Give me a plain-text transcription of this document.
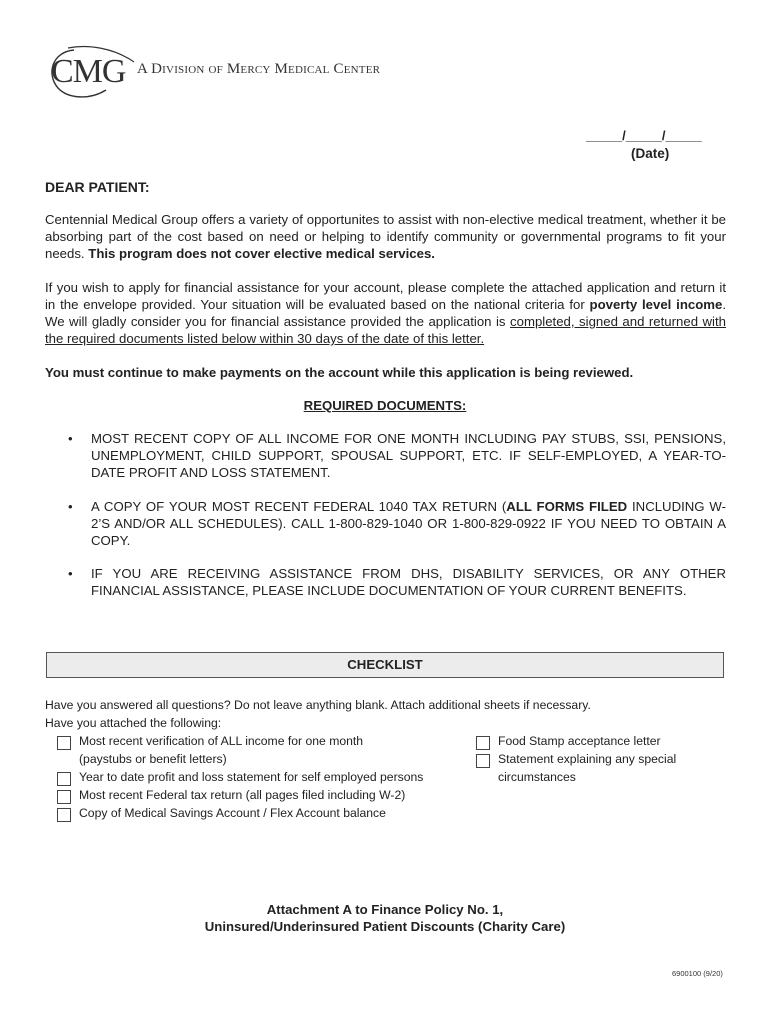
CMG A Division of Mercy Medical Center
_____/_____/_____
(Date)
DEAR PATIENT:
Centennial Medical Group offers a variety of opportunites to assist with non-elective medical treatment, whether it be absorbing part of the cost based on need or helping to identify community or governmental programs to fit your needs. This program does not cover elective medical services.
If you wish to apply for financial assistance for your account, please complete the attached application and return it in the envelope provided. Your situation will be evaluated based on the national criteria for poverty level income. We will gladly consider you for financial assistance provided the application is completed, signed and returned with the required documents listed below within 30 days of the date of this letter.
You must continue to make payments on the account while this application is being reviewed.
REQUIRED DOCUMENTS:
• MOST RECENT COPY OF ALL INCOME FOR ONE MONTH INCLUDING PAY STUBS, SSI, PENSIONS, UNEMPLOYMENT, CHILD SUPPORT, SPOUSAL SUPPORT, ETC. IF SELF-EMPLOYED, A YEAR-TO-DATE PROFIT AND LOSS STATEMENT.
• A COPY OF YOUR MOST RECENT FEDERAL 1040 TAX RETURN (ALL FORMS FILED INCLUDING W-2’S AND/OR ALL SCHEDULES). CALL 1-800-829-1040 OR 1-800-829-0922 IF YOU NEED TO OBTAIN A COPY.
• IF YOU ARE RECEIVING ASSISTANCE FROM DHS, DISABILITY SERVICES, OR ANY OTHER FINANCIAL ASSISTANCE, PLEASE INCLUDE DOCUMENTATION OF YOUR CURRENT BENEFITS.
CHECKLIST
Have you answered all questions? Do not leave anything blank. Attach additional sheets if necessary.
Have you attached the following:
Most recent verification of ALL income for one month
(paystubs or benefit letters)
Year to date profit and loss statement for self employed persons
Most recent Federal tax return (all pages filed including W-2)
Copy of Medical Savings Account / Flex Account balance
Food Stamp acceptance letter
Statement explaining any special
circumstances
Attachment A to Finance Policy No. 1,
Uninsured/Underinsured Patient Discounts (Charity Care)
6900100 (9/20)
